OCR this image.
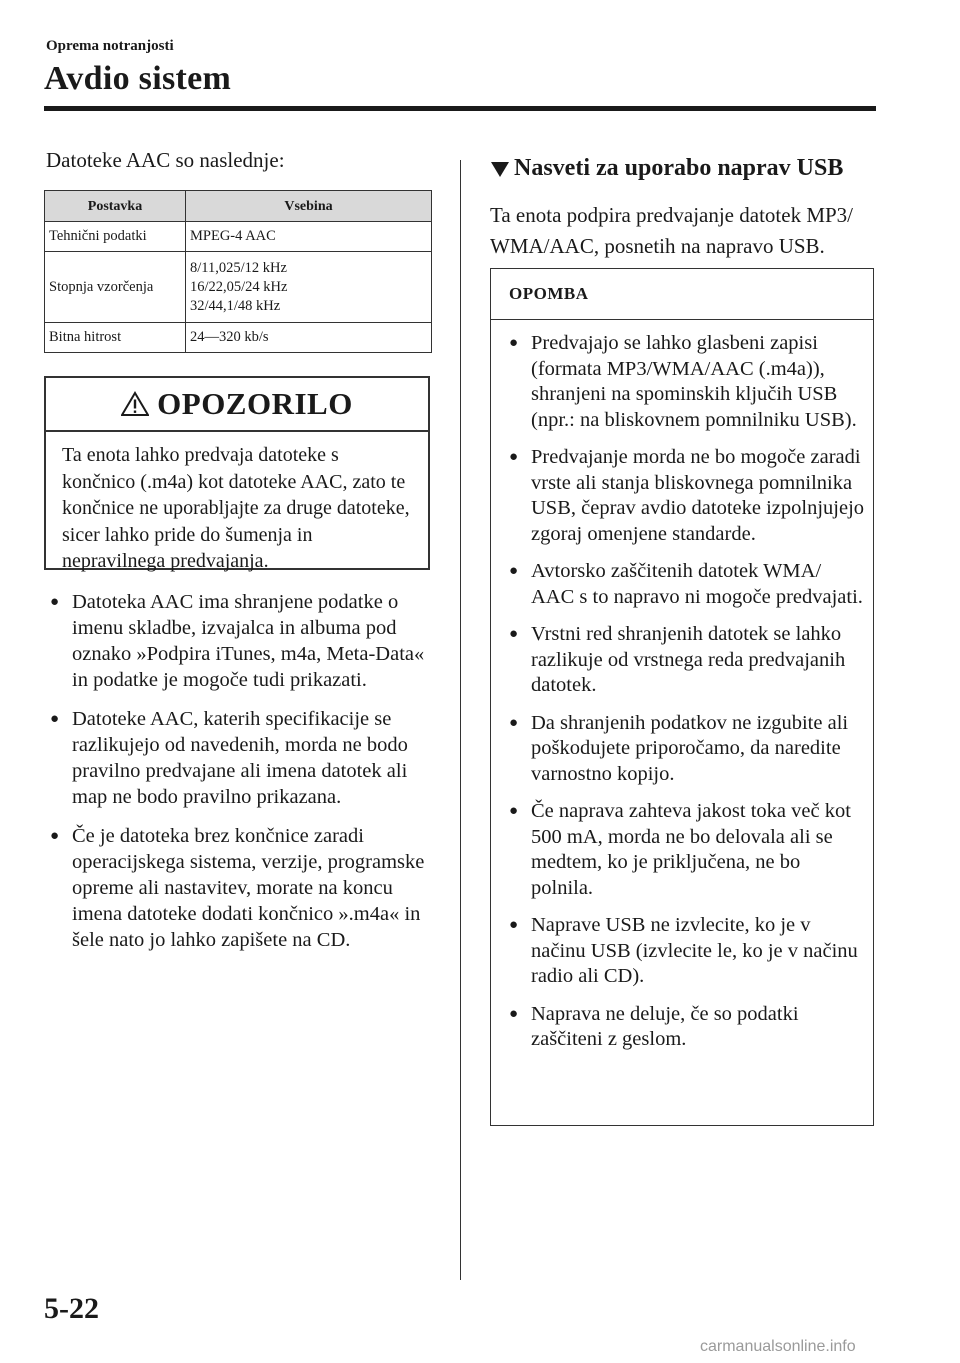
Oprema notranjosti
Avdio sistem
Datoteke AAC so naslednje:
Postavka	Vsebina
Tehnični podatki	MPEG-4 AAC
Stopnja vzorčenja	8/11,025/12 kHz
16/22,05/24 kHz
32/44,1/48 kHz

Bitna hitrost	24―320 kb/s
OPOZORILO
Ta enota lahko predvaja datoteke s končnico (.m4a) kot datoteke AAC, zato te končnice ne uporabljajte za druge datoteke, sicer lahko pride do šumenja in nepravilnega predvajanja.
● Datoteka AAC ima shranjene podatke o imenu skladbe, izvajalca in albuma pod oznako »Podpira iTunes, m4a, Meta-Data« in podatke je mogoče tudi prikazati.
● Datoteke AAC, katerih specifikacije se razlikujejo od navedenih, morda ne bodo pravilno predvajane ali imena datotek ali map ne bodo pravilno prikazana.
● Če je datoteka brez končnice zaradi operacijskega sistema, verzije, programske opreme ali nastavitev, morate na koncu imena datoteke dodati končnico ».m4a« in šele nato jo lahko zapišete na CD.
Nasveti za uporabo naprav USB
Ta enota podpira predvajanje datotek MP3/ WMA/AAC, posnetih na napravo USB.
OPOMBA
● Predvajajo se lahko glasbeni zapisi (formata MP3/WMA/AAC (.m4a)), shranjeni na spominskih ključih USB (npr.: na bliskovnem pomnilniku USB).
● Predvajanje morda ne bo mogoče zaradi vrste ali stanja bliskovnega pomnilnika USB, čeprav avdio datoteke izpolnjujejo zgoraj omenjene standarde.
● Avtorsko zaščitenih datotek WMA/ AAC s to napravo ni mogoče predvajati.
● Vrstni red shranjenih datotek se lahko razlikuje od vrstnega reda predvajanih datotek.
● Da shranjenih podatkov ne izgubite ali poškodujete priporočamo, da naredite varnostno kopijo.
● Če naprava zahteva jakost toka več kot 500 mA, morda ne bo delovala ali se medtem, ko je priključena, ne bo polnila.
● Naprave USB ne izvlecite, ko je v načinu USB (izvlecite le, ko je v načinu radio ali CD).
● Naprava ne deluje, če so podatki zaščiteni z geslom.
5-22
carmanualsonline.info
